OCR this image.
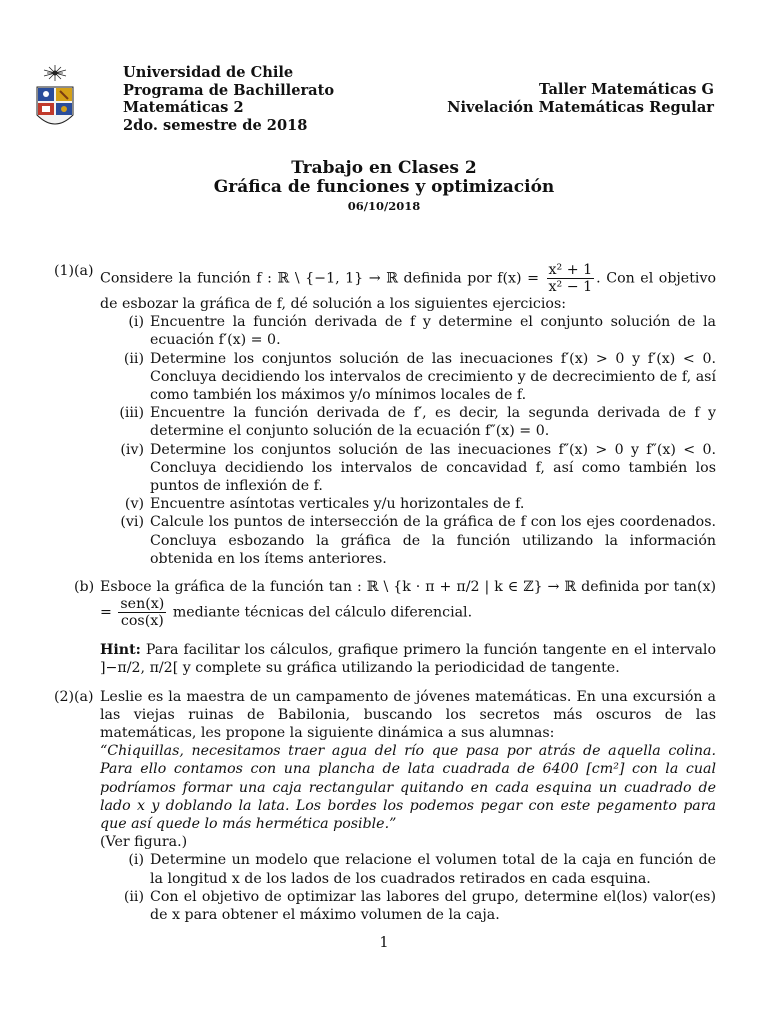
Universidad de Chile
Programa de Bachillerato
Matemáticas 2
2do. semestre de 2018
Taller Matemáticas G
Nivelación Matemáticas Regular
Trabajo en Clases 2
Gráfica de funciones y optimización
06/10/2018
(1) (a) Considere la función f : ℝ \ {−1, 1} → ℝ definida por $f(x) = \frac{\text{x² + 1}}{\text{x² − 1}}$ . Con el objetivo de esbozar la gráfica de f, dé solución a los siguientes ejercicios:
(i) Encuentre la función derivada de f y determine el conjunto solución de la ecuación f′(x) = 0.
(ii) Determine los conjuntos solución de las inecuaciones f′(x) > 0 y f′(x) < 0. Concluya decidiendo los intervalos de crecimiento y de decrecimiento de f, así como también los máximos y/o mínimos locales de f.
(iii) Encuentre la función derivada de f′, es decir, la segunda derivada de f y determine el conjunto solución de la ecuación f″(x) = 0.
(iv) Determine los conjuntos solución de las inecuaciones f″(x) > 0 y f″(x) < 0. Concluya decidiendo los intervalos de concavidad f, así como también los puntos de inflexión de f.
(v) Encuentre asíntotas verticales y/u horizontales de f.
(vi) Calcule los puntos de intersección de la gráfica de f con los ejes coordenados. Concluya esbozando la gráfica de la función utilizando la información obtenida en los ítems anteriores.
(b) Esboce la gráfica de la función tan : ℝ \ {k · π + π/2 | k ∈ ℤ} → ℝ definida por $\tan(x) = \frac{\text{sen(x)}}{\cos(x)}$ mediante técnicas del cálculo diferencial.
Hint: Para facilitar los cálculos, grafique primero la función tangente en el intervalo ]−π/2, π/2[ y complete su gráfica utilizando la periodicidad de tangente.
(2) (a) Leslie es la maestra de un campamento de jóvenes matemáticas. En una excursión a las viejas ruinas de Babilonia, buscando los secretos más oscuros de las matemáticas, les propone la siguiente dinámica a sus alumnas:
“Chiquillas, necesitamos traer agua del río que pasa por atrás de aquella colina. Para ello contamos con una plancha de lata cuadrada de 6400 [cm²] con la cual podríamos formar una caja rectangular quitando en cada esquina un cuadrado de lado x y doblando la lata. Los bordes los podemos pegar con este pegamento para que así quede lo más hermética posible.”
(Ver figura.)
(i) Determine un modelo que relacione el volumen total de la caja en función de la longitud x de los lados de los cuadrados retirados en cada esquina.
(ii) Con el objetivo de optimizar las labores del grupo, determine el(los) valor(es) de x para obtener el máximo volumen de la caja.
1
